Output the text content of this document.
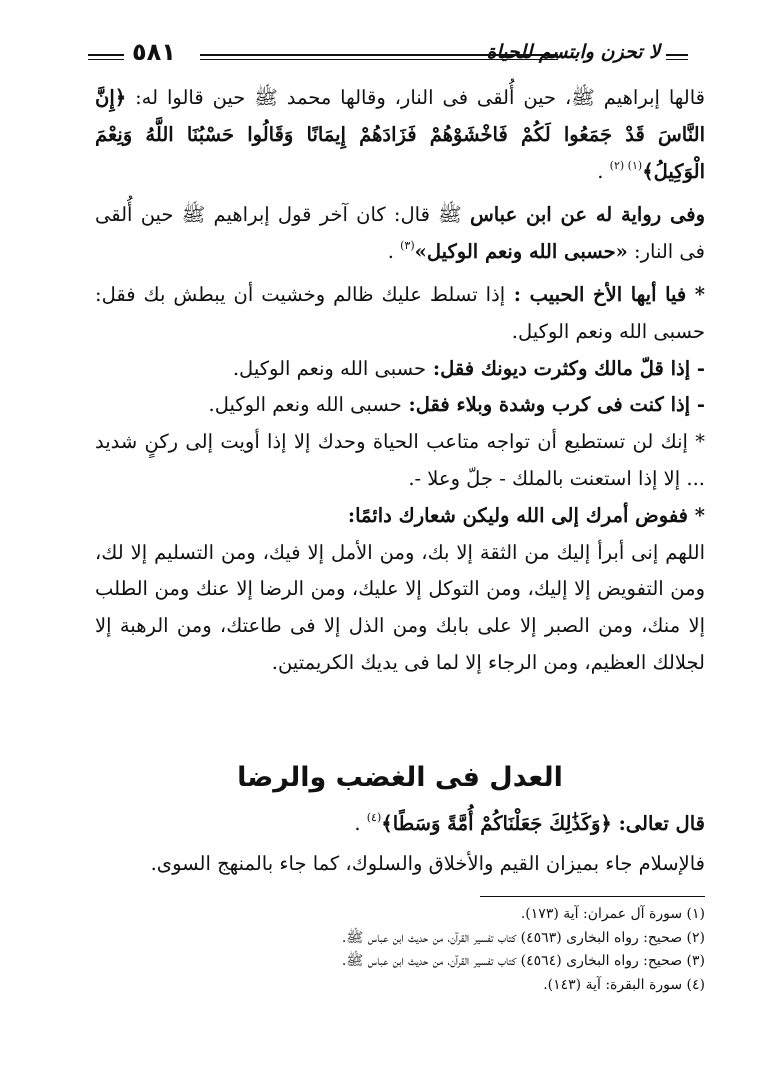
٥٨١	لا تحزن وابتسم للحياة

قالها إبراهيم ﷺ، حين أُلقى فى النار، وقالها محمد ﷺ حين قالوا له: ﴿إِنَّ النَّاسَ قَدْ جَمَعُوا لَكُمْ فَاخْشَوْهُمْ فَزَادَهُمْ إِيمَانًا وَقَالُوا حَسْبُنَا اللَّهُ وَنِعْمَ الْوَكِيلُ﴾$^{(١) (٢)}$ .

وفى رواية له عن ابن عباس ﷺ قال: كان آخر قول إبراهيم ﷺ حين أُلقى فى النار: «حسبى الله ونعم الوكيل»$^{(٣)}$ .

* فيا أيها الأخ الحبيب : إذا تسلط عليك ظالم وخشيت أن يبطش بك فقل: حسبى الله ونعم الوكيل.

- إذا قلّ مالك وكثرت ديونك فقل: حسبى الله ونعم الوكيل.

- إذا كنت فى كرب وشدة وبلاء فقل: حسبى الله ونعم الوكيل.

* إنك لن تستطيع أن تواجه متاعب الحياة وحدك إلا إذا أويت إلى ركنٍ شديد ... إلا إذا استعنت بالملك - جلّ وعلا -.

* ففوض أمرك إلى الله وليكن شعارك دائمًا:

اللهم إنى أبرأ إليك من الثقة إلا بك، ومن الأمل إلا فيك، ومن التسليم إلا لك، ومن التفويض إلا إليك، ومن التوكل إلا عليك، ومن الرضا إلا عنك ومن الطلب إلا منك، ومن الصبر إلا على بابك ومن الذل إلا فى طاعتك، ومن الرهبة إلا لجلالك العظيم، ومن الرجاء إلا لما فى يديك الكريمتين.

العدل فى الغضب والرضا

قال تعالى: ﴿وَكَذَٰلِكَ جَعَلْنَاكُمْ أُمَّةً وَسَطًا﴾$^{(٤)}$ .

فالإسلام جاء بميزان القيم والأخلاق والسلوك، كما جاء بالمنهج السوى.

(١) سورة آل عمران: آية (١٧٣).
(٢) صحيح: رواه البخارى (٤٥٦٣) كتاب تفسير القرآن، من حديث ابن عباس ﷺ.
(٣) صحيح: رواه البخارى (٤٥٦٤) كتاب تفسير القرآن، من حديث ابن عباس ﷺ.
(٤) سورة البقرة: آية (١٤٣).
